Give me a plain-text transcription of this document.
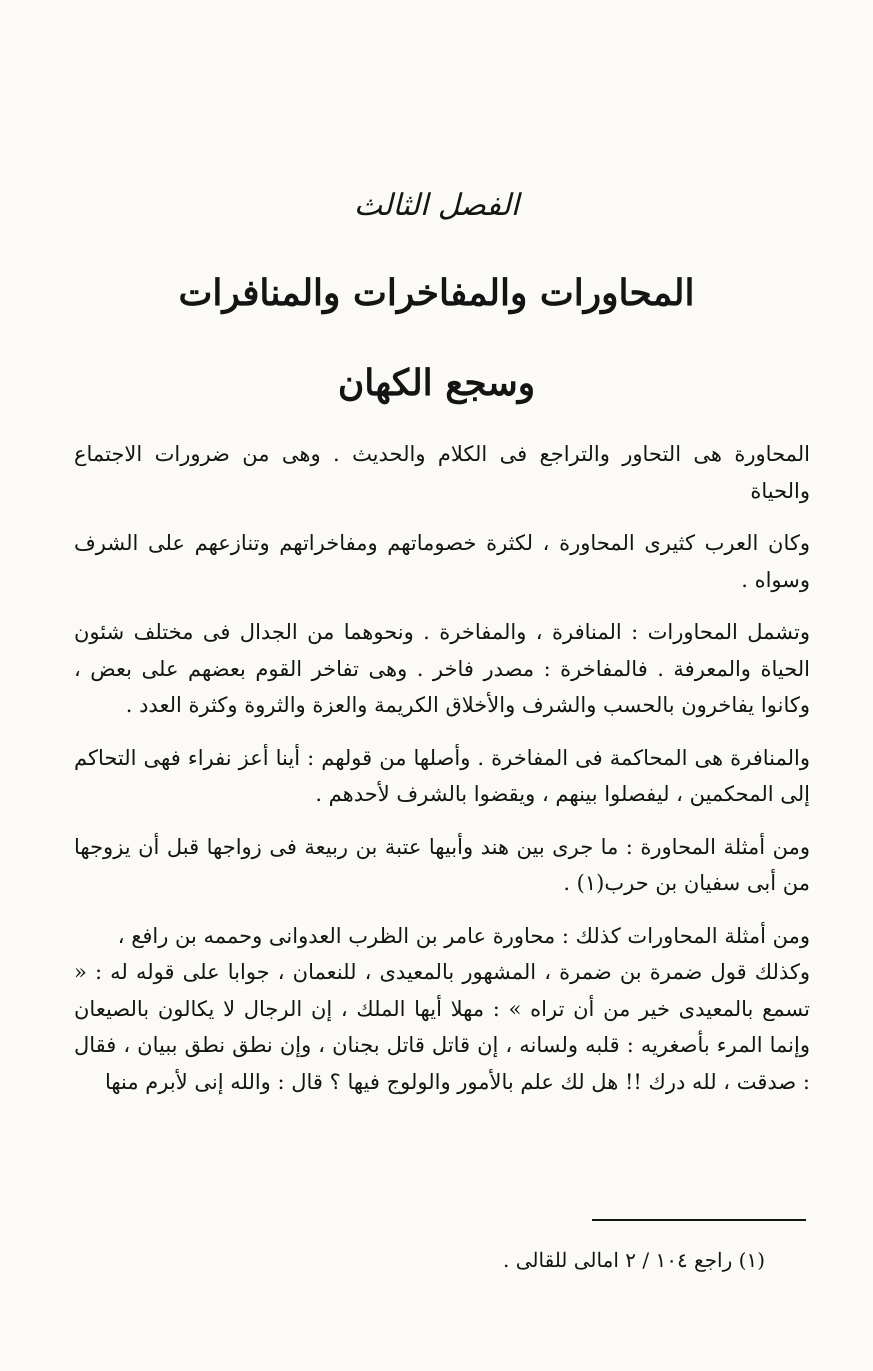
الفصل الثالث
المحاورات والمفاخرات والمنافرات
وسجع الكهان

المحاورة هى التحاور والتراجع فى الكلام والحديث . وهى من ضرورات الاجتماع والحياة

وكان العرب كثيرى المحاورة ، لكثرة خصوماتهم ومفاخراتهم وتنازعهم على الشرف وسواه .

وتشمل المحاورات : المنافرة ، والمفاخرة . ونحوهما من الجدال فى مختلف شئون الحياة والمعرفة . فالمفاخرة : مصدر فاخر . وهى تفاخر القوم بعضهم على بعض ، وكانوا يفاخرون بالحسب والشرف والأخلاق الكريمة والعزة والثروة وكثرة العدد .

والمنافرة هى المحاكمة فى المفاخرة . وأصلها من قولهم : أينا أعز نفراء فهى التحاكم إلى المحكمين ، ليفصلوا بينهم ، ويقضوا بالشرف لأحدهم .

ومن أمثلة المحاورة : ما جرى بين هند وأبيها عتبة بن ربيعة فى زواجها قبل أن يزوجها من أبى سفيان بن حرب(١) .

ومن أمثلة المحاورات كذلك : محاورة عامر بن الظرب العدوانى وحممه بن رافع ،

وكذلك قول ضمرة بن ضمرة ، المشهور بالمعيدى ، للنعمان ، جوابا على قوله له : « تسمع بالمعيدى خير من أن تراه » : مهلا أيها الملك ، إن الرجال لا يكالون بالصيعان وإنما المرء بأصغريه : قلبه ولسانه ، إن قاتل قاتل بجنان ، وإن نطق نطق ببيان ، فقال : صدقت ، لله درك !! هل لك علم بالأمور والولوج فيها ؟ قال : والله إنى لأبرم منها

(١) راجع ١٠٤ / ٢ امالى للقالى .
